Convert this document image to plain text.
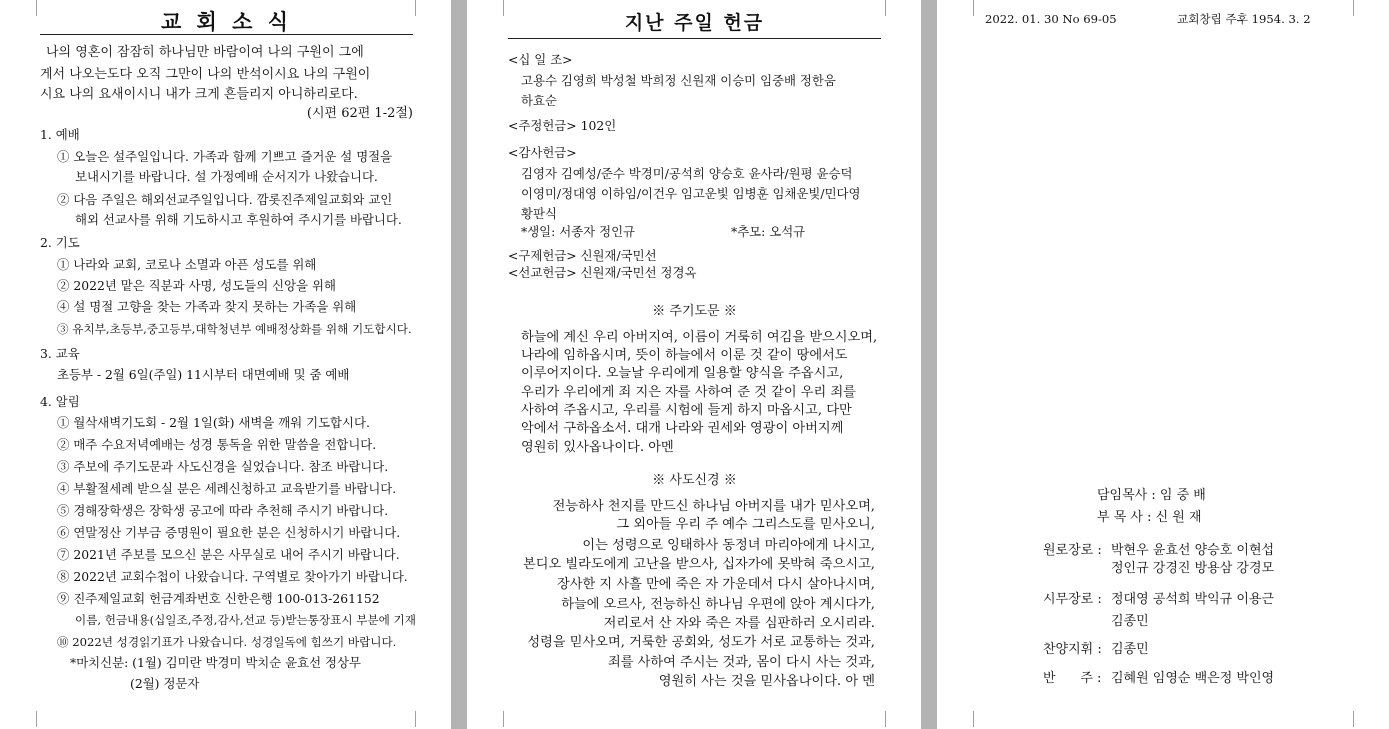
교 회 소 식
나의 영혼이 잠잠히 하나님만 바람이여 나의 구원이 그에
게서 나오는도다 오직 그만이 나의 반석이시요 나의 구원이
시요 나의 요새이시니 내가 크게 흔들리지 아니하리로다.
(시편 62편 1-2절)
1. 예배
① 오늘은 설주일입니다. 가족과 함께 기쁘고 즐거운 설 명절을
보내시기를 바랍니다. 설 가정예배 순서지가 나왔습니다.
② 다음 주일은 해외선교주일입니다. 깜롯진주제일교회와 교인
해외 선교사를 위해 기도하시고 후원하여 주시기를 바랍니다.
2. 기도
① 나라와 교회, 코로나 소멸과 아픈 성도를 위해
② 2022년 맡은 직분과 사명, 성도들의 신앙을 위해
④ 설 명절 고향을 찾는 가족과 찾지 못하는 가족을 위해
③ 유치부,초등부,중고등부,대학청년부 예배정상화를 위해 기도합시다.
3. 교육
초등부 - 2월 6일(주일) 11시부터 대면예배 및 줌 예배
4. 알림
① 월삭새벽기도회 - 2월 1일(화) 새벽을 깨워 기도합시다.
② 매주 수요저녁예배는 성경 통독을 위한 말씀을 전합니다.
③ 주보에 주기도문과 사도신경을 실었습니다. 참조 바랍니다.
④ 부활절세례 받으실 분은 세례신청하고 교육받기를 바랍니다.
⑤ 경해장학생은 장학생 공고에 따라 추천해 주시기 바랍니다.
⑥ 연말정산 기부금 증명원이 필요한 분은 신청하시기 바랍니다.
⑦ 2021년 주보를 모으신 분은 사무실로 내어 주시기 바랍니다.
⑧ 2022년 교회수첩이 나왔습니다. 구역별로 찾아가기 바랍니다.
⑨ 진주제일교회 헌금계좌번호 신한은행 100-013-261152
이름, 헌금내용(십일조,주정,감사,선교 등)받는통장표시 부분에 기재
⑩ 2022년 성경읽기표가 나왔습니다. 성경일독에 힘쓰기 바랍니다.
*마치신분: (1월) 김미란 박경미 박치순 윤효선 정상무
(2월) 정문자
지난 주일 헌금
<십 일 조>
고용수 김영희 박성철 박희정 신원재 이승미 임중배 정한움
하효순
<주정헌금> 102인
<감사헌금>
김영자 김예성/준수 박경미/공석희 양승호 윤사라/원평 윤승덕
이영미/정대영 이하임/이건우 임고운빛 임병훈 임채운빛/민다영
황판식
*생일: 서종자 정인규	*추모: 오석규
<구제헌금> 신원재/국민선
<선교헌금> 신원재/국민선 정경옥
※ 주기도문 ※
하늘에 계신 우리 아버지여, 이름이 거룩히 여김을 받으시오며,
나라에 임하옵시며, 뜻이 하늘에서 이룬 것 같이 땅에서도
이루어지이다. 오늘날 우리에게 일용할 양식을 주옵시고,
우리가 우리에게 죄 지은 자를 사하여 준 것 같이 우리 죄를
사하여 주옵시고, 우리를 시험에 들게 하지 마옵시고, 다만
악에서 구하옵소서. 대개 나라와 권세와 영광이 아버지께
영원히 있사옵나이다. 아멘
※ 사도신경 ※
전능하사 천지를 만드신 하나님 아버지를 내가 믿사오며,
그 외아들 우리 주 예수 그리스도를 믿사오니,
이는 성령으로 잉태하사 동정녀 마리아에게 나시고,
본디오 빌라도에게 고난을 받으사, 십자가에 못박혀 죽으시고,
장사한 지 사흘 만에 죽은 자 가운데서 다시 살아나시며,
하늘에 오르사, 전능하신 하나님 우편에 앉아 계시다가,
저리로서 산 자와 죽은 자를 심판하러 오시리라.
성령을 믿사오며, 거룩한 공회와, 성도가 서로 교통하는 것과,
죄를 사하여 주시는 것과, 몸이 다시 사는 것과,
영원히 사는 것을 믿사옵나이다. 아 멘
2022. 01. 30 No 69-05	교회창립 주후 1954. 3. 2
담임목사 : 임 중 배
부 목 사 : 신 원 재
원로장로 : 박현우 윤효선 양승호 이현섭
정인규 강경진 방용삼 강경모
시무장로 : 정대영 공석희 박익규 이용근
김종민
찬양지휘 : 김종민
반      주 : 김혜원 임영순 백은정 박인영
